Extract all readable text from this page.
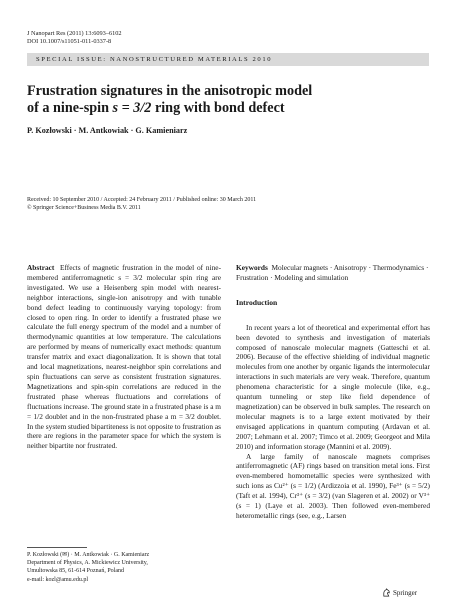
J Nanopart Res (2011) 13:6093–6102
DOI 10.1007/s11051-011-0337-8
SPECIAL ISSUE: NANOSTRUCTURED MATERIALS 2010
Frustration signatures in the anisotropic model
of a nine-spin s = 3/2 ring with bond defect
P. Kozłowski · M. Antkowiak · G. Kamieniarz
Received: 10 September 2010 / Accepted: 24 February 2011 / Published online: 30 March 2011
© Springer Science+Business Media B.V. 2011
Abstract Effects of magnetic frustration in the model of nine-membered antiferromagnetic s = 3/2 molecular spin ring are investigated. We use a Heisenberg spin model with nearest-neighbor interactions, single-ion anisotropy and with tunable bond defect leading to continuously varying topology: from closed to open ring. In order to identify a frustrated phase we calculate the full energy spectrum of the model and a number of thermodynamic quantities at low temperature. The calculations are performed by means of numerically exact methods: quantum transfer matrix and exact diagonalization. It is shown that total and local magnetizations, nearest-neighbor spin correlations and spin fluctuations can serve as consistent frustration signatures. Magnetizations and spin-spin correlations are reduced in the frustrated phase whereas fluctuations and correlations of fluctuations increase. The ground state in a frustrated phase is a m = 1/2 doublet and in the non-frustrated phase a m = 3/2 doublet. In the system studied bipartiteness is not opposite to frustration as there are regions in the parameter space for which the system is neither bipartite nor frustrated.
Keywords Molecular magnets · Anisotropy · Thermodynamics · Frustration · Modeling and simulation
Introduction

In recent years a lot of theoretical and experimental effort has been devoted to synthesis and investigation of materials composed of nanoscale molecular magnets (Gatteschi et al. 2006). Because of the effective shielding of individual magnetic molecules from one another by organic ligands the intermolecular interactions in such materials are very weak. Therefore, quantum phenomena characteristic for a single molecule (like, e.g., quantum tunneling or step like field dependence of magnetization) can be observed in bulk samples. The research on molecular magnets is to a large extent motivated by their envisaged applications in quantum computing (Ardavan et al. 2007; Lehmann et al. 2007; Timco et al. 2009; Georgeot and Mila 2010) and information storage (Mannini et al. 2009).

A large family of nanoscale magnets comprises antiferromagnetic (AF) rings based on transition metal ions. First even-membered homometallic species were synthesized with such ions as Cu²⁺ (s = 1/2) (Ardizzoia et al. 1990), Fe³⁺ (s = 5/2) (Taft et al. 1994), Cr³⁺ (s = 3/2) (van Slageren et al. 2002) or V³⁺ (s = 1) (Laye et al. 2003). Then followed even-membered heterometallic rings (see, e.g., Larsen

P. Kozłowski (✉) · M. Antkowiak · G. Kamieniarz
Department of Physics, A. Mickiewicz University,
Umultowska 85, 61-614 Poznań, Poland
e-mail: kozl@amu.edu.pl
Springer
